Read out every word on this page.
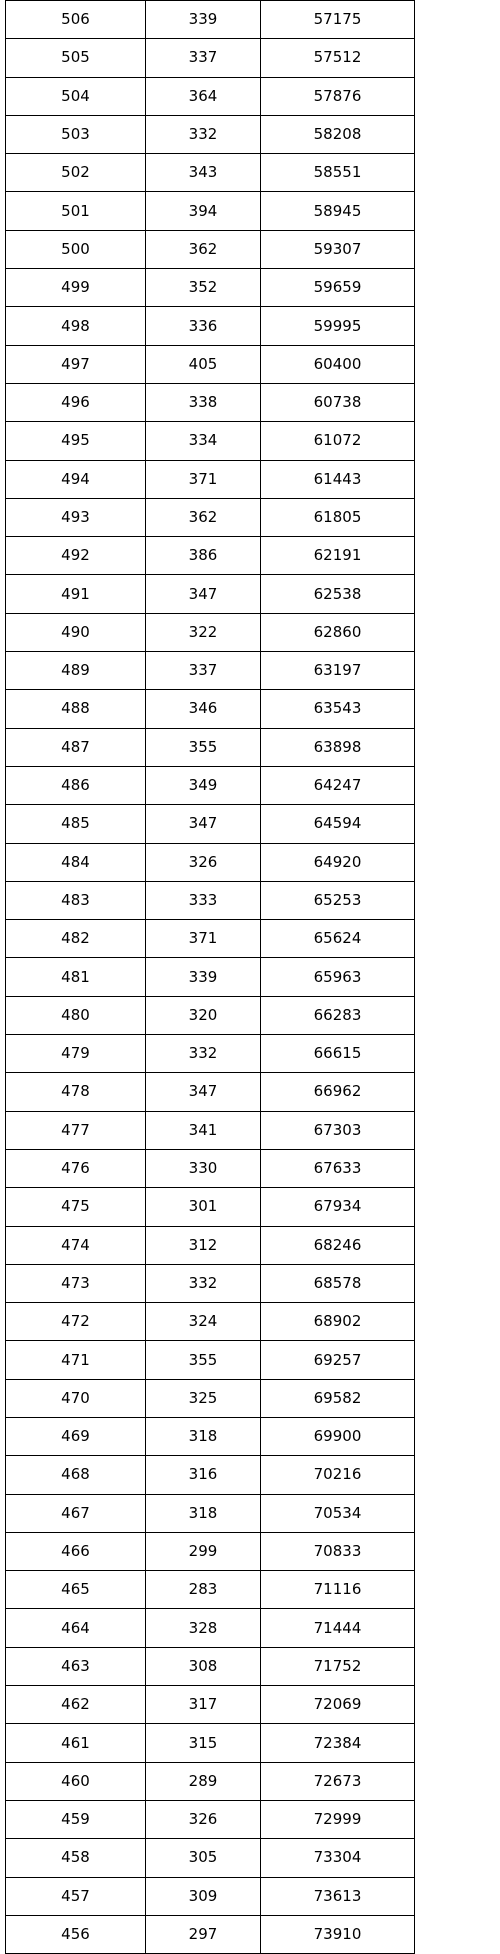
506	339	57175
505	337	57512
504	364	57876
503	332	58208
502	343	58551
501	394	58945
500	362	59307
499	352	59659
498	336	59995
497	405	60400
496	338	60738
495	334	61072
494	371	61443
493	362	61805
492	386	62191
491	347	62538
490	322	62860
489	337	63197
488	346	63543
487	355	63898
486	349	64247
485	347	64594
484	326	64920
483	333	65253
482	371	65624
481	339	65963
480	320	66283
479	332	66615
478	347	66962
477	341	67303
476	330	67633
475	301	67934
474	312	68246
473	332	68578
472	324	68902
471	355	69257
470	325	69582
469	318	69900
468	316	70216
467	318	70534
466	299	70833
465	283	71116
464	328	71444
463	308	71752
462	317	72069
461	315	72384
460	289	72673
459	326	72999
458	305	73304
457	309	73613
456	297	73910
